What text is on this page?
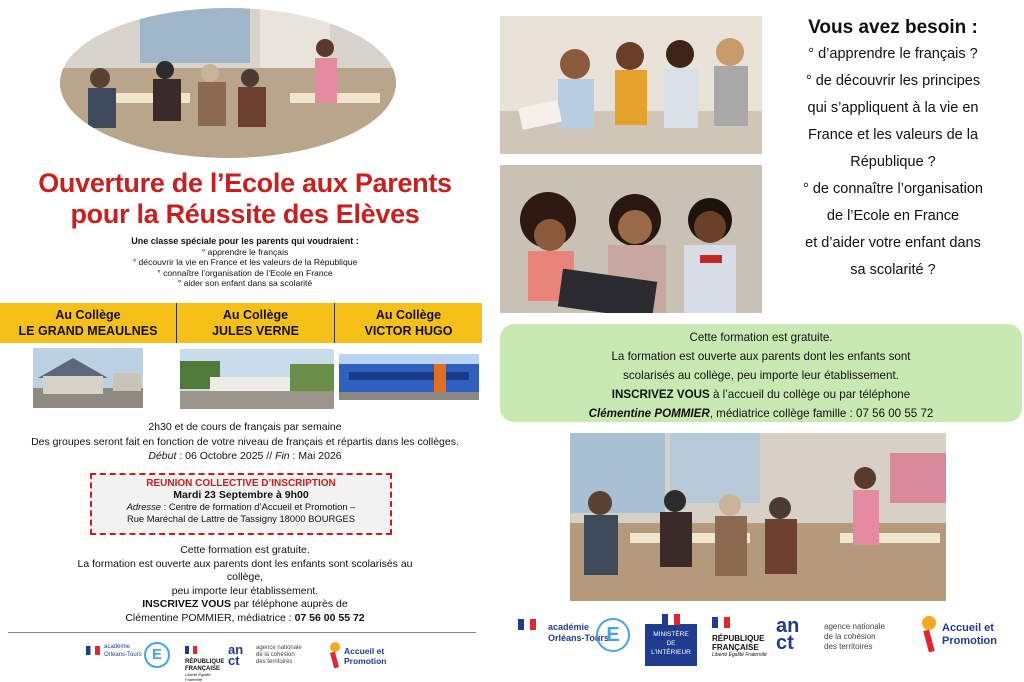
Ouverture de l’Ecole aux Parents
pour la Réussite des Elèves
Une classe spéciale pour les parents qui voudraient :
° apprendre le français
° découvrir la vie en France et les valeurs de la République
° connaître l’organisation de l’Ecole en France
° aider son enfant dans sa scolarité
Au Collège
LE GRAND MEAULNES
Au Collège
JULES VERNE
Au Collège
VICTOR HUGO
2h30 et de cours de français par semaine
Des groupes seront fait en fonction de votre niveau de français et répartis dans les collèges.
Début : 06 Octobre 2025 // Fin : Mai 2026
REUNION COLLECTIVE D’INSCRIPTION
Mardi 23 Septembre à 9h00
Adresse : Centre de formation d’Accueil et Promotion –
Rue Maréchal de Lattre de Tassigny 18000 BOURGES
Cette formation est gratuite.
La formation est ouverte aux parents dont les enfants sont scolarisés au
collège,
peu importe leur établissement.
INSCRIVEZ VOUS par téléphone auprès de
Clémentine POMMIER, médiatrice : 07 56 00 55 72
académie
Orléans-Tours E	RÉPUBLIQUE
FRANÇAISE
Liberté Égalité Fraternité
an ct
agence nationale
de la cohésion
des territoires
Accueil et
Promotion
Vous avez besoin :
° d’apprendre le français ?
° de découvrir les principes
qui s’appliquent à la vie en
France et les valeurs de la
République ?
° de connaître l’organisation
de l’Ecole en France
et d’aider votre enfant dans
sa scolarité ?
Cette formation est gratuite.
La formation est ouverte aux parents dont les enfants sont
scolarisés au collège, peu importe leur établissement.
INSCRIVEZ VOUS à l’accueil du collège ou par téléphone
Clémentine POMMIER, médiatrice collège famille : 07 56 00 55 72
académie
Orléans-Tours
E	MINISTÈRE
DE
L’INTÉRIEUR
RÉPUBLIQUE
FRANÇAISE
Liberté Égalité Fraternité
an ct
agence nationale
de la cohésion
des territoires
Accueil et
Promotion
